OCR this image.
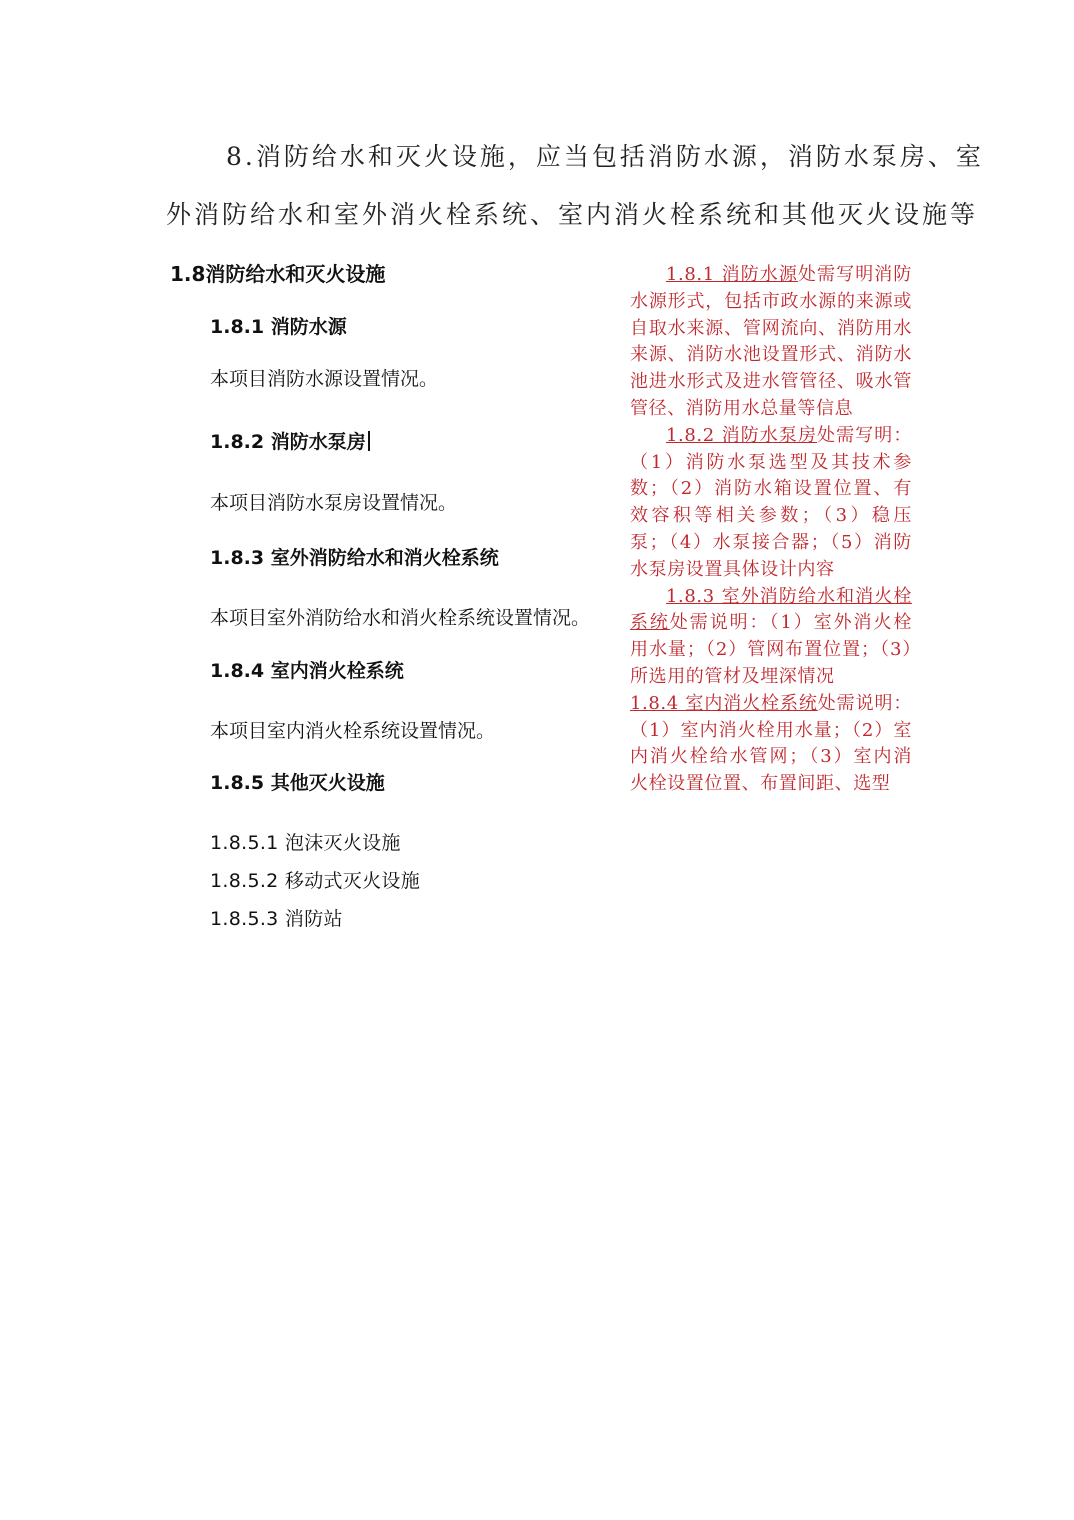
8.消防给水和灭火设施，应当包括消防水源，消防水泵房、室
外消防给水和室外消火栓系统、室内消火栓系统和其他灭火设施等
1.8消防给水和灭火设施
1.8.1 消防水源
本项目消防水源设置情况。
1.8.2 消防水泵房
本项目消防水泵房设置情况。
1.8.3 室外消防给水和消火栓系统
本项目室外消防给水和消火栓系统设置情况。
1.8.4 室内消火栓系统
本项目室内消火栓系统设置情况。
1.8.5 其他灭火设施
1.8.5.1 泡沫灭火设施
1.8.5.2 移动式灭火设施
1.8.5.3 消防站

1.8.1 消防水源处需写明消防水源形式，包括市政水源的来源或自取水来源、管网流向、消防用水来源、消防水池设置形式、消防水池进水形式及进水管管径、吸水管管径、消防用水总量等信息

1.8.2 消防水泵房处需写明：（1）消防水泵选型及其技术参数；（2）消防水箱设置位置、有效容积等相关参数；（3）稳压泵；（4）水泵接合器；（5）消防水泵房设置具体设计内容

1.8.3 室外消防给水和消火栓系统处需说明：（1）室外消火栓用水量；（2）管网布置位置；（3）所选用的管材及埋深情况

1.8.4 室内消火栓系统处需说明：（1）室内消火栓用水量；（2）室内消火栓给水管网；（3）室内消火栓设置位置、布置间距、选型
